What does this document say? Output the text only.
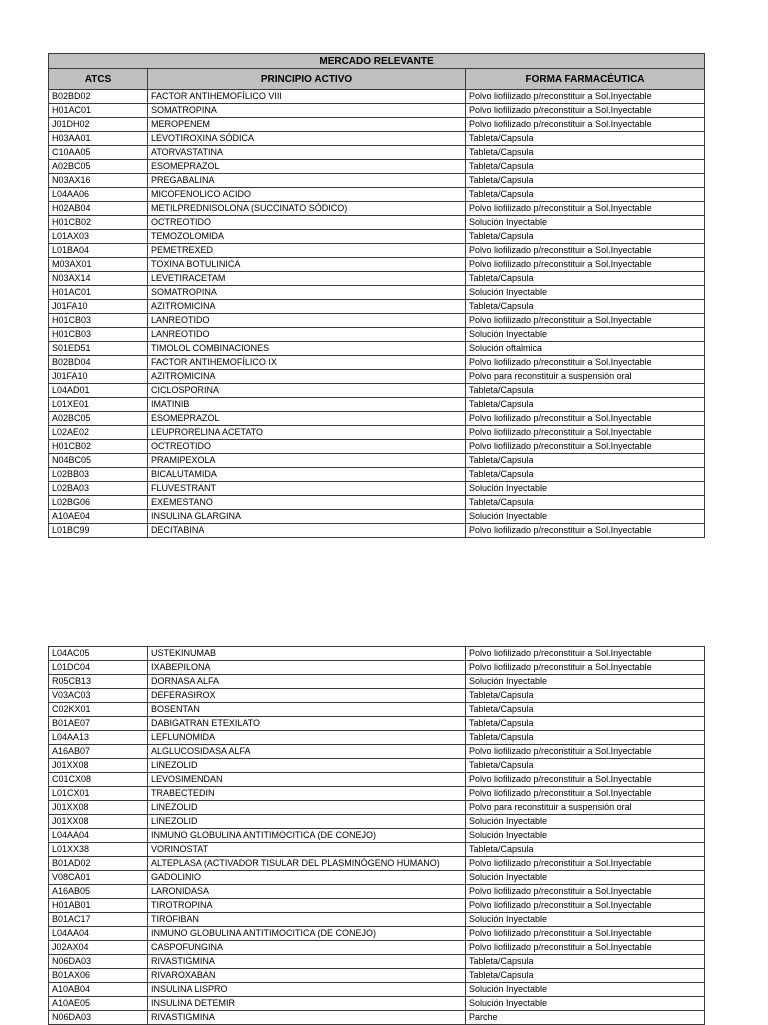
MERCADO RELEVANTE		
ATCS	PRINCIPIO ACTIVO	FORMA FARMACÉUTICA
B02BD02	FACTOR ANTIHEMOFÍLICO VIII	Polvo liofilizado p/reconstituir a Sol.Inyectable
H01AC01	SOMATROPINA	Polvo liofilizado p/reconstituir a Sol.Inyectable
J01DH02	MEROPENEM	Polvo liofilizado p/reconstituir a Sol.Inyectable
H03AA01	LEVOTIROXINA SÓDICA	Tableta/Capsula
C10AA05	ATORVASTATINA	Tableta/Capsula
A02BC05	ESOMEPRAZOL	Tableta/Capsula
N03AX16	PREGABALINA	Tableta/Capsula
L04AA06	MICOFENOLICO ACIDO	Tableta/Capsula
H02AB04	METILPREDNISOLONA (SUCCINATO SÓDICO)	Polvo liofilizado p/reconstituir a Sol.Inyectable
H01CB02	OCTREOTIDO	Solución Inyectable
L01AX03	TEMOZOLOMIDA	Tableta/Capsula
L01BA04	PEMETREXED	Polvo liofilizado p/reconstituir a Sol.Inyectable
M03AX01	TOXINA BOTULINICA	Polvo liofilizado p/reconstituir a Sol.Inyectable
N03AX14	LEVETIRACETAM	Tableta/Capsula
H01AC01	SOMATROPINA	Solución Inyectable
J01FA10	AZITROMICINA	Tableta/Capsula
H01CB03	LANREOTIDO	Polvo liofilizado p/reconstituir a Sol.Inyectable
H01CB03	LANREOTIDO	Solución Inyectable
S01ED51	TIMOLOL COMBINACIONES	Solución oftalmica
B02BD04	FACTOR ANTIHEMOFÍLICO IX	Polvo liofilizado p/reconstituir a Sol.Inyectable
J01FA10	AZITROMICINA	Polvo para reconstituir a suspensión oral
L04AD01	CICLOSPORINA	Tableta/Capsula
L01XE01	IMATINIB	Tableta/Capsula
A02BC05	ESOMEPRAZOL	Polvo liofilizado p/reconstituir a Sol.Inyectable
L02AE02	LEUPRORELINA ACETATO	Polvo liofilizado p/reconstituir a Sol.Inyectable
H01CB02	OCTREOTIDO	Polvo liofilizado p/reconstituir a Sol.Inyectable
N04BC05	PRAMIPEXOLA	Tableta/Capsula
L02BB03	BICALUTAMIDA	Tableta/Capsula
L02BA03	FLUVESTRANT	Solución Inyectable
L02BG06	EXEMESTANO	Tableta/Capsula
A10AE04	INSULINA GLARGINA	Solución Inyectable
L01BC99	DECITABINA	Polvo liofilizado p/reconstituir a Sol.Inyectable
L04AC05	USTEKINUMAB	Polvo liofilizado p/reconstituir a Sol.Inyectable
L01DC04	IXABEPILONA	Polvo liofilizado p/reconstituir a Sol.Inyectable
R05CB13	DORNASA ALFA	Solución Inyectable
V03AC03	DEFERASIROX	Tableta/Capsula
C02KX01	BOSENTAN	Tableta/Capsula
B01AE07	DABIGATRAN ETEXILATO	Tableta/Capsula
L04AA13	LEFLUNOMIDA	Tableta/Capsula
A16AB07	ALGLUCOSIDASA ALFA	Polvo liofilizado p/reconstituir a Sol.Inyectable
J01XX08	LINEZOLID	Tableta/Capsula
C01CX08	LEVOSIMENDAN	Polvo liofilizado p/reconstituir a Sol.Inyectable
L01CX01	TRABECTEDIN	Polvo liofilizado p/reconstituir a Sol.Inyectable
J01XX08	LINEZOLID	Polvo para reconstituir a suspensión oral
J01XX08	LINEZOLID	Solución Inyectable
L04AA04	INMUNO GLOBULINA ANTITIMOCITICA (DE CONEJO)	Solución Inyectable
L01XX38	VORINOSTAT	Tableta/Capsula
B01AD02	ALTEPLASA (ACTIVADOR TISULAR DEL PLASMINÓGENO HUMANO)	Polvo liofilizado p/reconstituir a Sol.Inyectable
V08CA01	GADOLINIO	Solución Inyectable
A16AB05	LARONIDASA	Polvo liofilizado p/reconstituir a Sol.Inyectable
H01AB01	TIROTROPINA	Polvo liofilizado p/reconstituir a Sol.Inyectable
B01AC17	TIROFIBAN	Solución Inyectable
L04AA04	INMUNO GLOBULINA ANTITIMOCITICA (DE CONEJO)	Polvo liofilizado p/reconstituir a Sol.Inyectable
J02AX04	CASPOFUNGINA	Polvo liofilizado p/reconstituir a Sol.Inyectable
N06DA03	RIVASTIGMINA	Tableta/Capsula
B01AX06	RIVAROXABAN	Tableta/Capsula
A10AB04	INSULINA LISPRO	Solución Inyectable
A10AE05	INSULINA DETEMIR	Solución Inyectable
N06DA03	RIVASTIGMINA	Parche
